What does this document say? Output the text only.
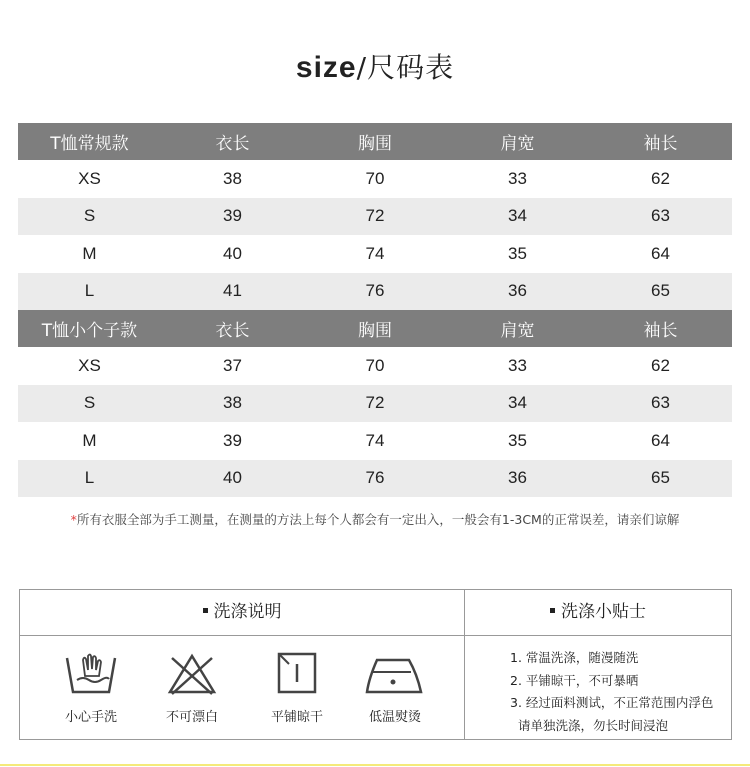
size/尺码表
T恤常规款	衣长	胸围	肩宽	袖长
XS	38	70	33	62
S	39	72	34	63
M	40	74	35	64
L	41	76	36	65
T恤小个子款	衣长	胸围	肩宽	袖长
XS	37	70	33	62
S	38	72	34	63
M	39	74	35	64
L	40	76	36	65
*所有衣服全部为手工测量，在测量的方法上每个人都会有一定出入，一般会有1-3CM的正常误差，请亲们谅解
洗涤说明	洗涤小贴士
小心手洗	不可漂白	平铺晾干	低温熨烫
1. 常温洗涤，随漫随洗
2. 平铺晾干，不可暴晒
3. 经过面料测试，不正常范围内浮色
请单独洗涤，勿长时间浸泡
